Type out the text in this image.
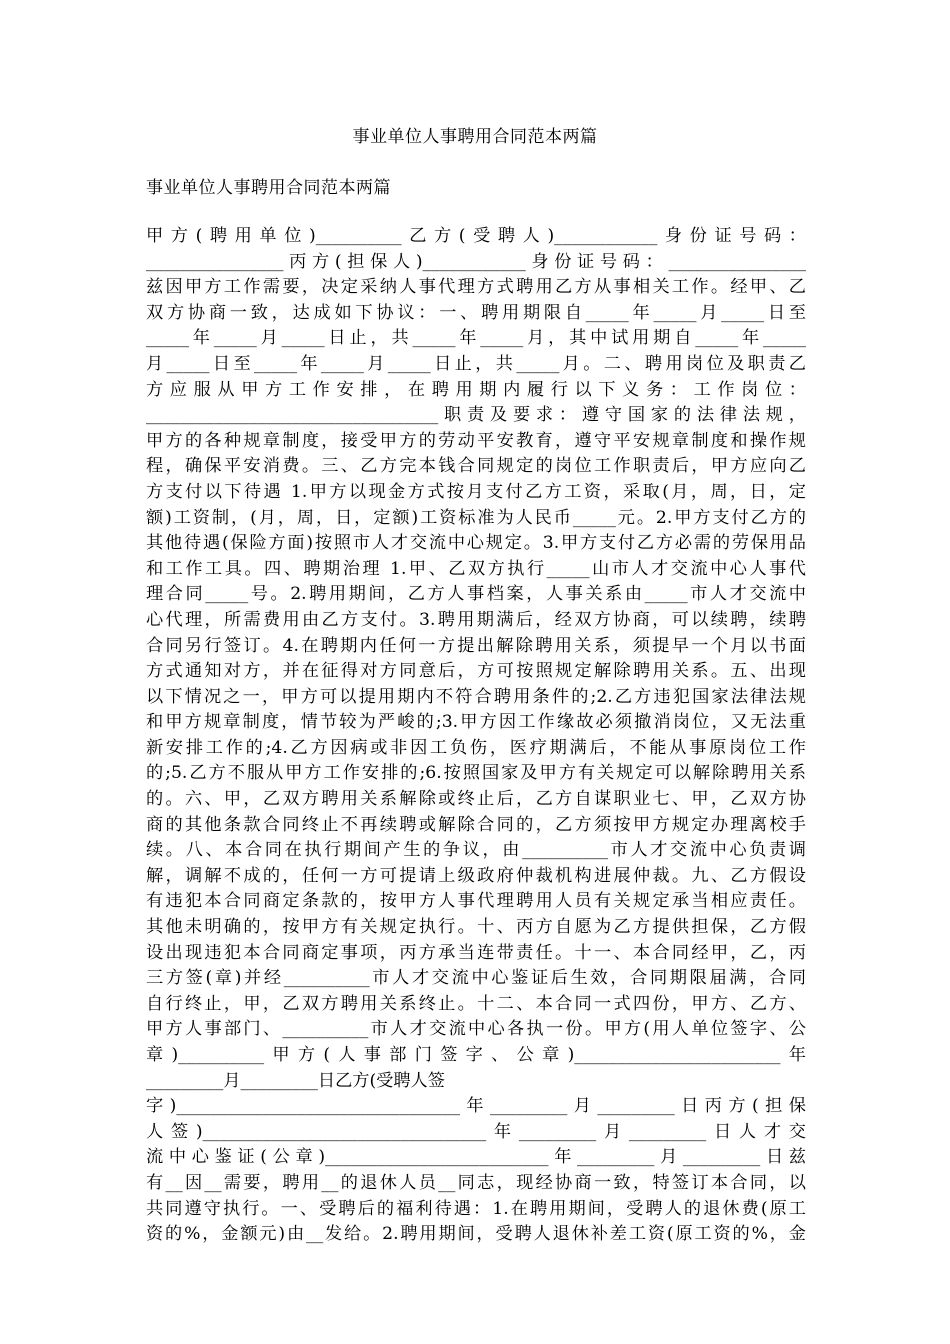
事业单位人事聘用合同范本两篇
事业单位人事聘用合同范本两篇
甲方(聘用单位)__________乙方(受聘人)____________身份证号码：
________________丙方(担保人)____________身份证号码：________________
兹因甲方工作需要，决定采纳人事代理方式聘用乙方从事相关工作。经甲、乙
双方协商一致，达成如下协议：一、聘用期限自_____年_____月_____日至
_____年_____月_____日止，共_____年_____月，其中试用期自_____年_____
月_____日至_____年_____月_____日止，共_____月。二、聘用岗位及职责乙
方应服从甲方工作安排，在聘用期内履行以下义务：工作岗位：
__________________________________职责及要求：遵守国家的法律法规，
甲方的各种规章制度，接受甲方的劳动平安教育，遵守平安规章制度和操作规
程，确保平安消费。三、乙方完本钱合同规定的岗位工作职责后，甲方应向乙
方支付以下待遇 1.甲方以现金方式按月支付乙方工资，采取(月，周，日，定
额)工资制，(月，周，日，定额)工资标准为人民币_____元。2.甲方支付乙方的
其他待遇(保险方面)按照市人才交流中心规定。3.甲方支付乙方必需的劳保用品
和工作工具。四、聘期治理 1.甲、乙双方执行_____山市人才交流中心人事代
理合同_____号。2.聘用期间，乙方人事档案，人事关系由_____市人才交流中
心代理，所需费用由乙方支付。3.聘用期满后，经双方协商，可以续聘，续聘
合同另行签订。4.在聘期内任何一方提出解除聘用关系，须提早一个月以书面
方式通知对方，并在征得对方同意后，方可按照规定解除聘用关系。五、出现
以下情况之一，甲方可以提用期内不符合聘用条件的;2.乙方违犯国家法律法规
和甲方规章制度，情节较为严峻的;3.甲方因工作缘故必须撤消岗位，又无法重
新安排工作的;4.乙方因病或非因工负伤，医疗期满后，不能从事原岗位工作
的;5.乙方不服从甲方工作安排的;6.按照国家及甲方有关规定可以解除聘用关系
的。六、甲，乙双方聘用关系解除或终止后，乙方自谋职业七、甲，乙双方协
商的其他条款合同终止不再续聘或解除合同的，乙方须按甲方规定办理离校手
续。八、本合同在执行期间产生的争议，由__________市人才交流中心负责调
解，调解不成的，任何一方可提请上级政府仲裁机构进展仲裁。九、乙方假设
有违犯本合同商定条款的，按甲方人事代理聘用人员有关规定承当相应责任。
其他未明确的，按甲方有关规定执行。十、丙方自愿为乙方提供担保，乙方假
设出现违犯本合同商定事项，丙方承当连带责任。十一、本合同经甲，乙，丙
三方签(章)并经__________市人才交流中心鉴证后生效，合同期限届满，合同
自行终止，甲，乙双方聘用关系终止。十二、本合同一式四份，甲方、乙方、
甲方人事部门、__________市人才交流中心各执一份。甲方(用人单位签字、公
章)__________甲方(人事部门签字、公章)________________________年
_________月_________日乙方(受聘人签
字)_________________________________年_________月_________日丙方(担保
人签)_________________________________年_________月_________日人才交
流中心鉴证(公章)__________________________年_________月_________日兹
有__因__需要，聘用__的退休人员__同志，现经协商一致，特签订本合同，以
共同遵守执行。一、受聘后的福利待遇：1.在聘用期间，受聘人的退休费(原工
资的%，金额元)由__发给。2.聘用期间，受聘人退休补差工资(原工资的%，金
